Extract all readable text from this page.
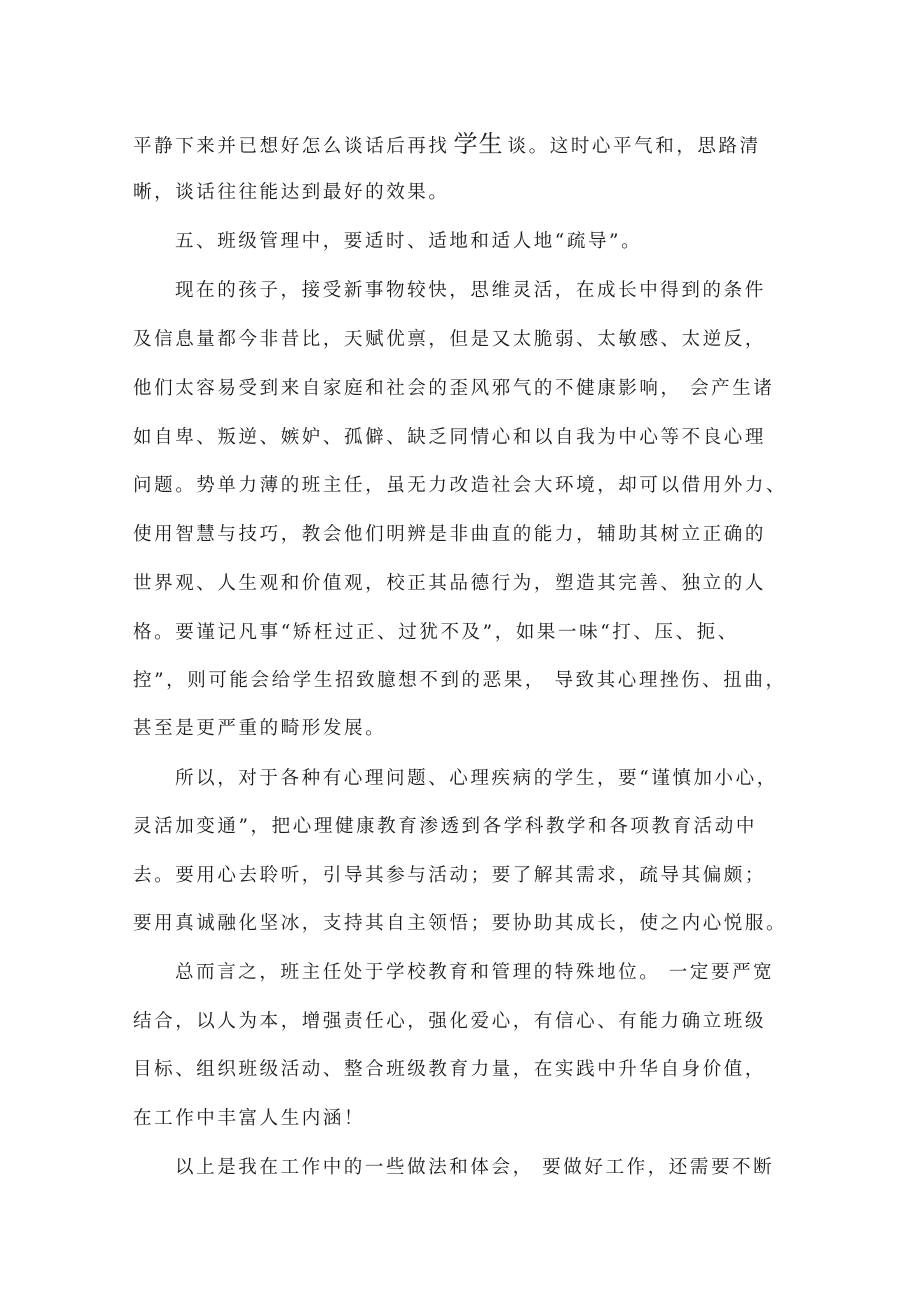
平静下来并已想好怎么谈话后再找 学生 谈。这时心平气和，思路清
晰，谈话往往能达到最好的效果。
五、班级管理中，要适时、适地和适人地“疏导”。
现在的孩子，接受新事物较快，思维灵活，在成长中得到的条件
及信息量都今非昔比，天赋优禀，但是又太脆弱、太敏感、太逆反，
他们太容易受到来自家庭和社会的歪风邪气的不健康影响， 会产生诸
如自卑、叛逆、嫉妒、孤僻、缺乏同情心和以自我为中心等不良心理
问题。势单力薄的班主任，虽无力改造社会大环境，却可以借用外力、
使用智慧与技巧，教会他们明辨是非曲直的能力，辅助其树立正确的
世界观、人生观和价值观，校正其品德行为，塑造其完善、独立的人
格。要谨记凡事“矫枉过正、过犹不及”，如果一味“打、压、扼、
控”，则可能会给学生招致臆想不到的恶果， 导致其心理挫伤、扭曲，
甚至是更严重的畸形发展。
所以，对于各种有心理问题、心理疾病的学生，要“谨慎加小心，
灵活加变通”，把心理健康教育渗透到各学科教学和各项教育活动中
去。要用心去聆听，引导其参与活动；要了解其需求，疏导其偏颇；
要用真诚融化坚冰，支持其自主领悟；要协助其成长，使之内心悦服。
总而言之，班主任处于学校教育和管理的特殊地位。 一定要严宽
结合，以人为本，增强责任心，强化爱心，有信心、有能力确立班级
目标、组织班级活动、整合班级教育力量，在实践中升华自身价值，
在工作中丰富人生内涵！
以上是我在工作中的一些做法和体会， 要做好工作，还需要不断
